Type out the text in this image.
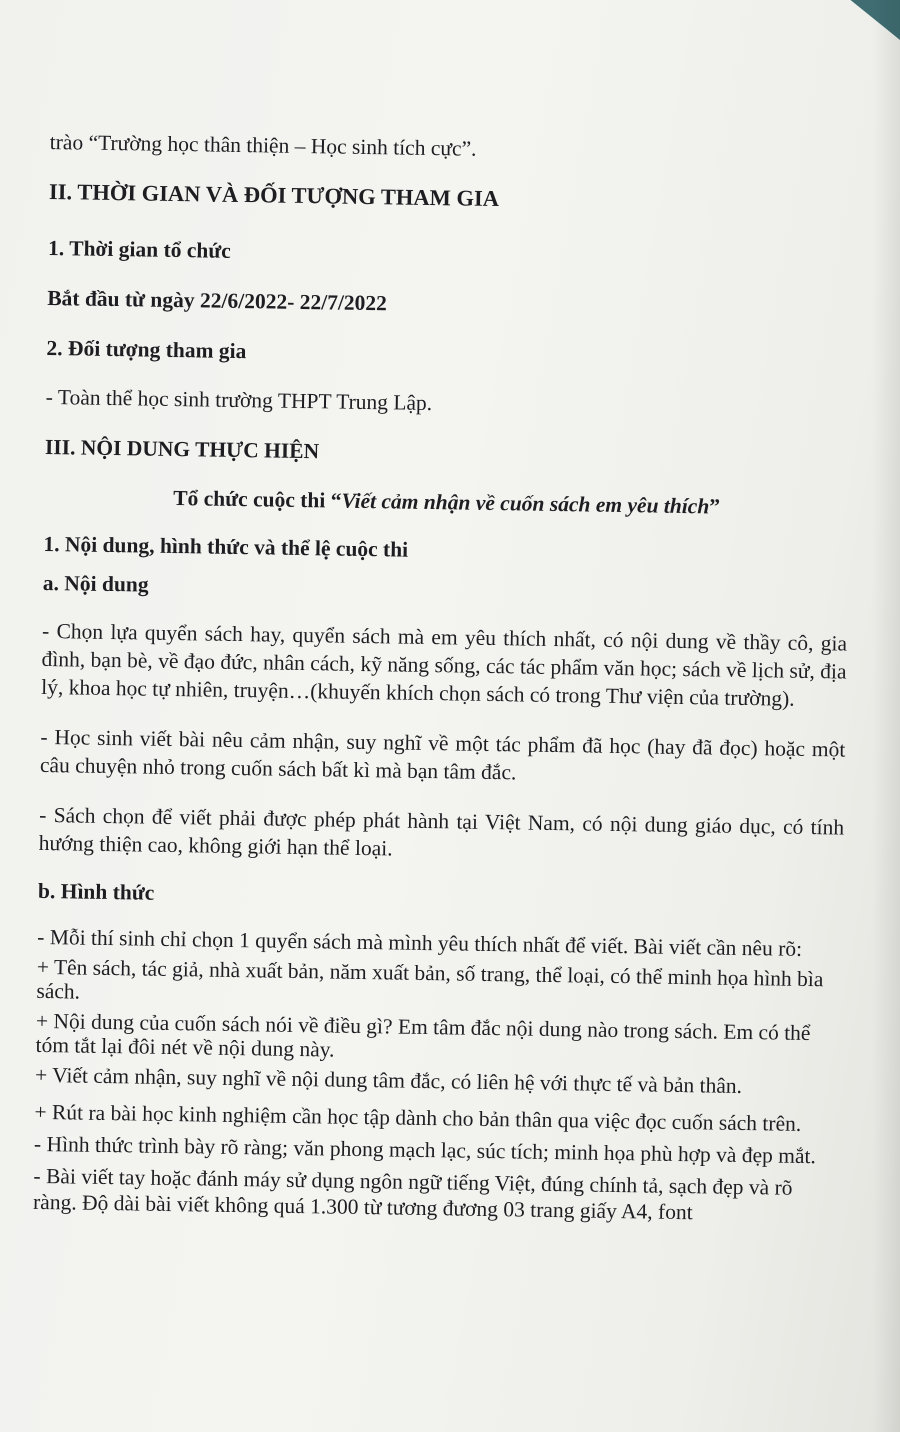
trào “Trường học thân thiện – Học sinh tích cực”.

II. THỜI GIAN VÀ ĐỐI TƯỢNG THAM GIA

1. Thời gian tổ chức

Bắt đầu từ ngày 22/6/2022- 22/7/2022

2. Đối tượng tham gia

- Toàn thể học sinh trường THPT Trung Lập.

III. NỘI DUNG THỰC HIỆN

Tổ chức cuộc thi “Viết cảm nhận về cuốn sách em yêu thích”

1. Nội dung, hình thức và thể lệ cuộc thi

a. Nội dung

- Chọn lựa quyển sách hay, quyển sách mà em yêu thích nhất, có nội dung về thầy cô, gia đình, bạn bè, về đạo đức, nhân cách, kỹ năng sống, các tác phẩm văn học; sách về lịch sử, địa lý, khoa học tự nhiên, truyện…(khuyến khích chọn sách có trong Thư viện của trường).

- Học sinh viết bài nêu cảm nhận, suy nghĩ về một tác phẩm đã học (hay đã đọc) hoặc một câu chuyện nhỏ trong cuốn sách bất kì mà bạn tâm đắc.

- Sách chọn để viết phải được phép phát hành tại Việt Nam, có nội dung giáo dục, có tính hướng thiện cao, không giới hạn thể loại.

b. Hình thức

- Mỗi thí sinh chỉ chọn 1 quyển sách mà mình yêu thích nhất để viết. Bài viết cần nêu rõ:

+ Tên sách, tác giả, nhà xuất bản, năm xuất bản, số trang, thể loại, có thể minh họa hình bìa sách.

+ Nội dung của cuốn sách nói về điều gì? Em tâm đắc nội dung nào trong sách. Em có thể tóm tắt lại đôi nét về nội dung này.

+ Viết cảm nhận, suy nghĩ về nội dung tâm đắc, có liên hệ với thực tế và bản thân.

+ Rút ra bài học kinh nghiệm cần học tập dành cho bản thân qua việc đọc cuốn sách trên.

- Hình thức trình bày rõ ràng; văn phong mạch lạc, súc tích; minh họa phù hợp và đẹp mắt.

- Bài viết tay hoặc đánh máy sử dụng ngôn ngữ tiếng Việt, đúng chính tả, sạch đẹp và rõ ràng. Độ dài bài viết không quá 1.300 từ tương đương 03 trang giấy A4, font
